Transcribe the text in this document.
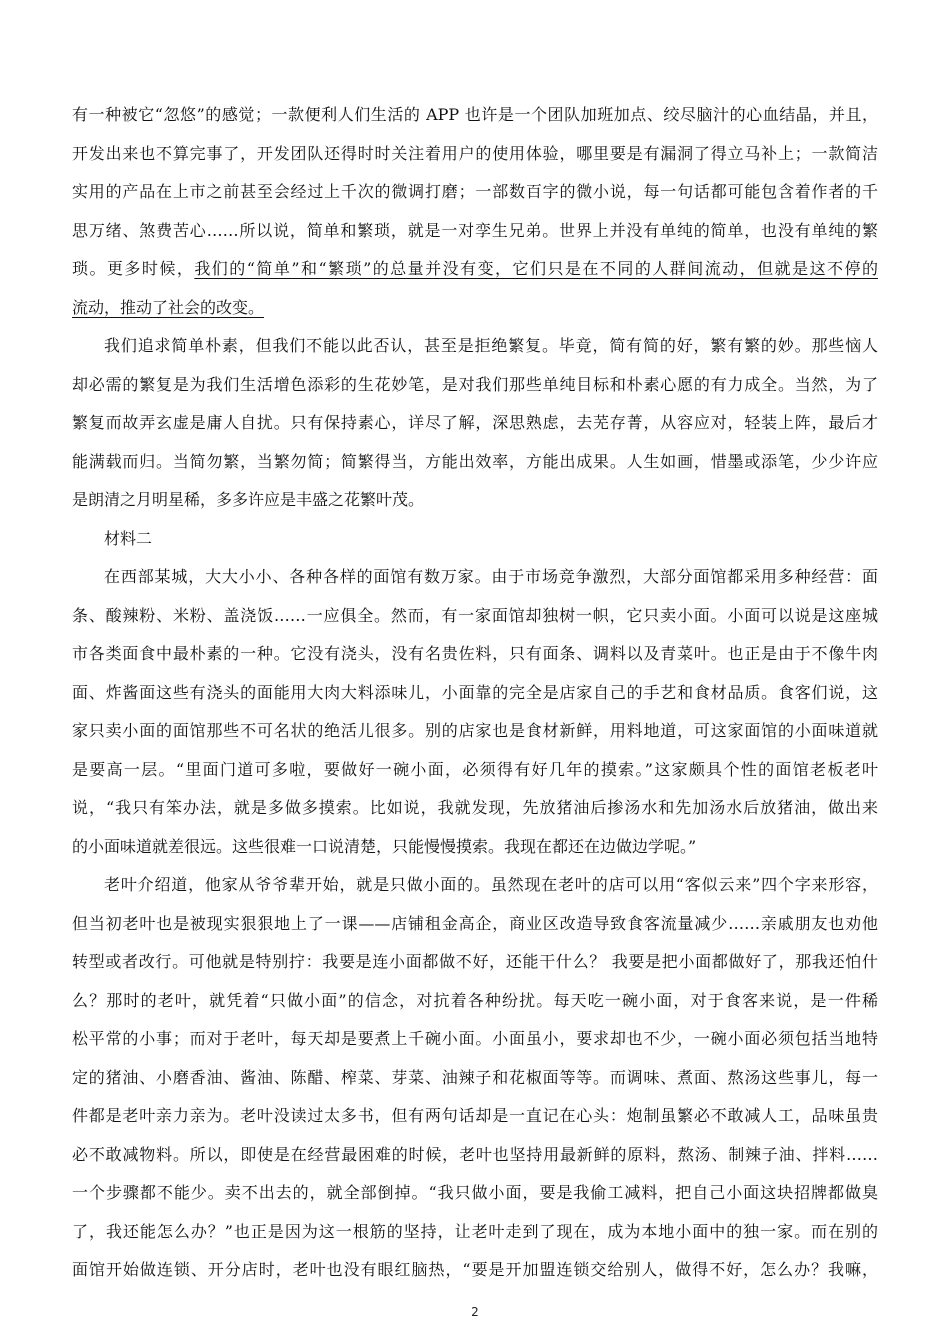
有一种被它“忽悠”的感觉；一款便利人们生活的 APP 也许是一个团队加班加点、绞尽脑汁的心血结晶，并且，
开发出来也不算完事了，开发团队还得时时关注着用户的使用体验，哪里要是有漏洞了得立马补上；一款简洁
实用的产品在上市之前甚至会经过上千次的微调打磨；一部数百字的微小说，每一句话都可能包含着作者的千
思万绪、煞费苦心……所以说，简单和繁琐，就是一对孪生兄弟。世界上并没有单纯的简单，也没有单纯的繁
琐。更多时候，我们的“简单”和“繁琐”的总量并没有变，它们只是在不同的人群间流动，但就是这不停的
流动，推动了社会的改变。
我们追求简单朴素，但我们不能以此否认，甚至是拒绝繁复。毕竟，简有简的好，繁有繁的妙。那些恼人
却必需的繁复是为我们生活增色添彩的生花妙笔，是对我们那些单纯目标和朴素心愿的有力成全。当然，为了
繁复而故弄玄虚是庸人自扰。只有保持素心，详尽了解，深思熟虑，去芜存菁，从容应对，轻装上阵，最后才
能满载而归。当简勿繁，当繁勿简；简繁得当，方能出效率，方能出成果。人生如画，惜墨或添笔，少少许应
是朗清之月明星稀，多多许应是丰盛之花繁叶茂。
材料二
在西部某城，大大小小、各种各样的面馆有数万家。由于市场竞争激烈，大部分面馆都采用多种经营：面
条、酸辣粉、米粉、盖浇饭……一应俱全。然而，有一家面馆却独树一帜，它只卖小面。小面可以说是这座城
市各类面食中最朴素的一种。它没有浇头，没有名贵佐料，只有面条、调料以及青菜叶。也正是由于不像牛肉
面、炸酱面这些有浇头的面能用大肉大料添味儿，小面靠的完全是店家自己的手艺和食材品质。食客们说，这
家只卖小面的面馆那些不可名状的绝活儿很多。别的店家也是食材新鲜，用料地道，可这家面馆的小面味道就
是要高一层。“里面门道可多啦，要做好一碗小面，必须得有好几年的摸索。”这家颇具个性的面馆老板老叶
说，“我只有笨办法，就是多做多摸索。比如说，我就发现，先放猪油后掺汤水和先加汤水后放猪油，做出来
的小面味道就差很远。这些很难一口说清楚，只能慢慢摸索。我现在都还在边做边学呢。”
老叶介绍道，他家从爷爷辈开始，就是只做小面的。虽然现在老叶的店可以用“客似云来”四个字来形容，
但当初老叶也是被现实狠狠地上了一课——店铺租金高企，商业区改造导致食客流量减少……亲戚朋友也劝他
转型或者改行。可他就是特别拧：我要是连小面都做不好，还能干什么？ 我要是把小面都做好了，那我还怕什
么？那时的老叶，就凭着“只做小面”的信念，对抗着各种纷扰。每天吃一碗小面，对于食客来说，是一件稀
松平常的小事；而对于老叶，每天却是要煮上千碗小面。小面虽小，要求却也不少，一碗小面必须包括当地特
定的猪油、小磨香油、酱油、陈醋、榨菜、芽菜、油辣子和花椒面等等。而调味、煮面、熬汤这些事儿，每一
件都是老叶亲力亲为。老叶没读过太多书，但有两句话却是一直记在心头：炮制虽繁必不敢减人工，品味虽贵
必不敢减物料。所以，即使是在经营最困难的时候，老叶也坚持用最新鲜的原料，熬汤、制辣子油、拌料……
一个步骤都不能少。卖不出去的，就全部倒掉。“我只做小面，要是我偷工减料，把自己小面这块招牌都做臭
了，我还能怎么办？”也正是因为这一根筋的坚持，让老叶走到了现在，成为本地小面中的独一家。而在别的
面馆开始做连锁、开分店时，老叶也没有眼红脑热，“要是开加盟连锁交给别人，做得不好，怎么办？我嘛，
2
